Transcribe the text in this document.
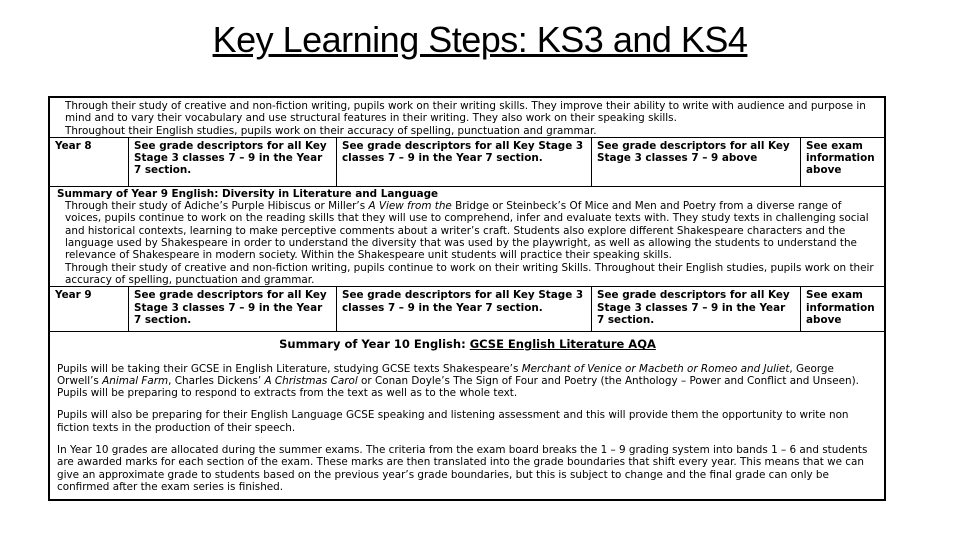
Key Learning Steps: KS3 and KS4
Through their study of creative and non-fiction writing, pupils work on their writing skills. They improve their ability to write with audience and purpose in mind and to vary their vocabulary and use structural features in their writing. They also work on their speaking skills.
Throughout their English studies, pupils work on their accuracy of spelling, punctuation and grammar.
Year 8	See grade descriptors for all Key Stage 3 classes 7 – 9 in the Year 7 section.
See grade descriptors for all Key Stage 3 classes 7 – 9 in the Year 7 section.
See grade descriptors for all Key Stage 3 classes 7 – 9 above
See exam information above
Summary of Year 9 English: Diversity in Literature and Language
Through their study of Adiche’s Purple Hibiscus or Miller’s A View from the Bridge or Steinbeck’s Of Mice and Men and Poetry from a diverse range of voices, pupils continue to work on the reading skills that they will use to comprehend, infer and evaluate texts with. They study texts in challenging social and historical contexts, learning to make perceptive comments about a writer’s craft. Students also explore different Shakespeare characters and the language used by Shakespeare in order to understand the diversity that was used by the playwright, as well as allowing the students to understand the relevance of Shakespeare in modern society. Within the Shakespeare unit students will practice their speaking skills.
Through their study of creative and non-fiction writing, pupils continue to work on their writing Skills. Throughout their English studies, pupils work on their accuracy of spelling, punctuation and grammar.
Year 9	See grade descriptors for all Key Stage 3 classes 7 – 9 in the Year 7 section.
See grade descriptors for all Key Stage 3 classes 7 – 9 in the Year 7 section.
See grade descriptors for all Key Stage 3 classes 7 – 9 in the Year 7 section.
See exam information above
Summary of Year 10 English: GCSE English Literature AQA
Pupils will be taking their GCSE in English Literature, studying GCSE texts Shakespeare’s Merchant of Venice or Macbeth or Romeo and Juliet, George Orwell’s Animal Farm, Charles Dickens’ A Christmas Carol or Conan Doyle’s The Sign of Four and Poetry (the Anthology – Power and Conflict and Unseen). Pupils will be preparing to respond to extracts from the text as well as to the whole text.
Pupils will also be preparing for their English Language GCSE speaking and listening assessment and this will provide them the opportunity to write non fiction texts in the production of their speech.
In Year 10 grades are allocated during the summer exams. The criteria from the exam board breaks the 1 – 9 grading system into bands 1 – 6 and students are awarded marks for each section of the exam. These marks are then translated into the grade boundaries that shift every year. This means that we can give an approximate grade to students based on the previous year’s grade boundaries, but this is subject to change and the final grade can only be confirmed after the exam series is finished.
